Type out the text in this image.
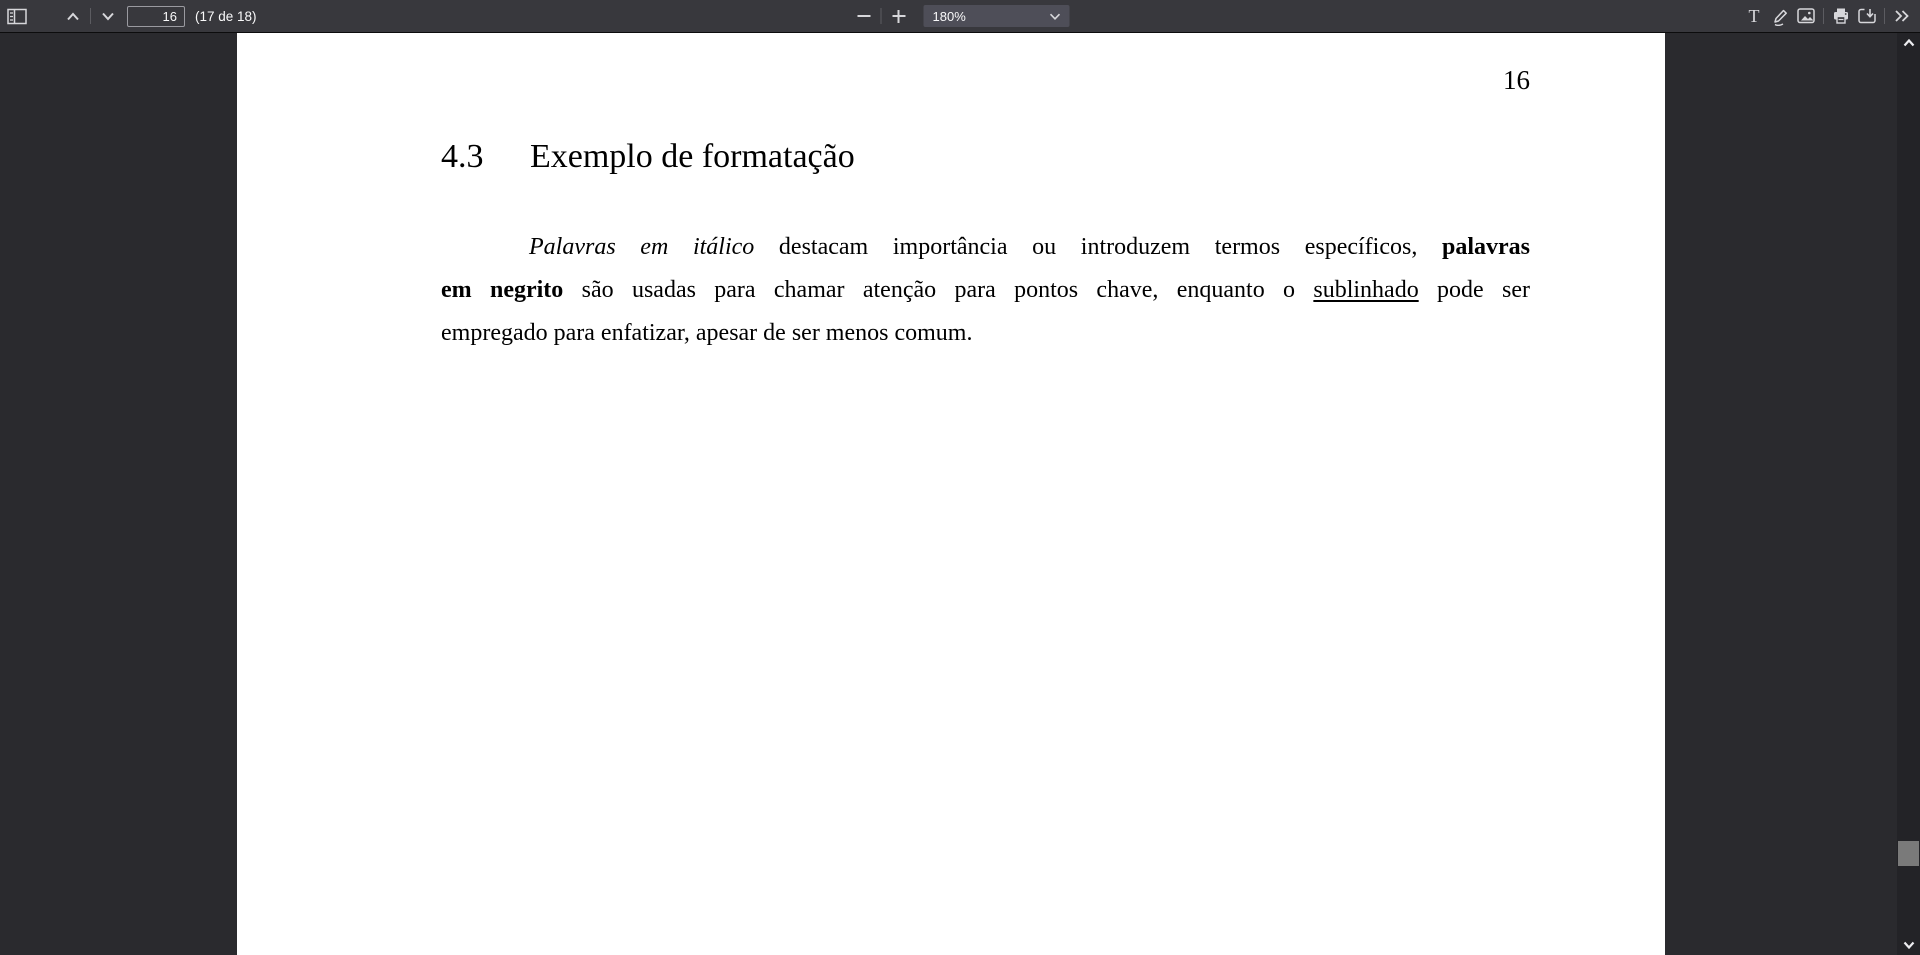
16
(17 de 18)	180%	T
16
4.3 Exemplo de formatação
Palavras em itálico destacam importância ou introduzem termos específicos, palavras
em negrito são usadas para chamar atenção para pontos chave, enquanto o sublinhado pode ser
empregado para enfatizar, apesar de ser menos comum.
